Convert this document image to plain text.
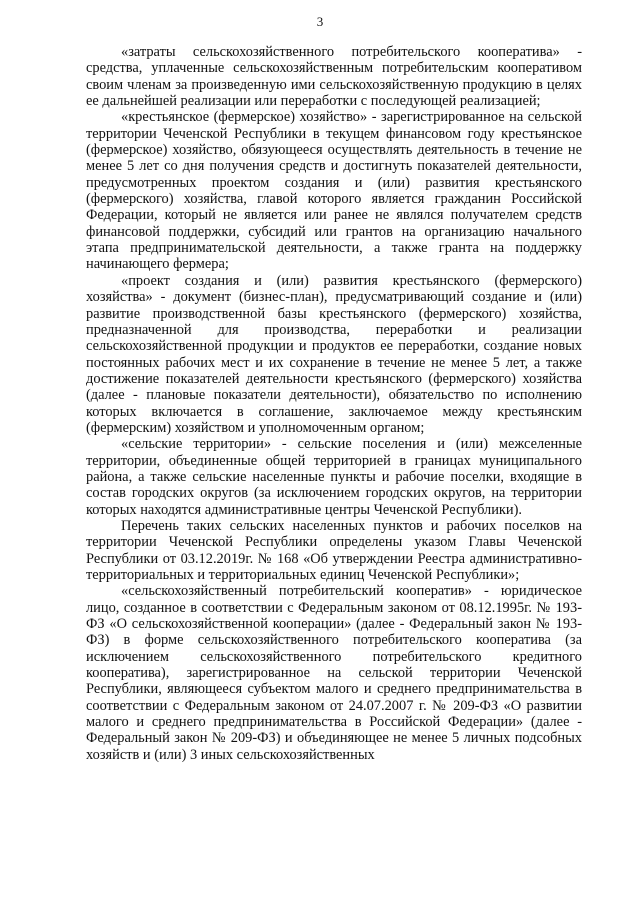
3

«затраты сельскохозяйственного потребительского кооператива» - средства, уплаченные сельскохозяйственным потребительским кооперативом своим членам за произведенную ими сельскохозяйственную продукцию в целях ее дальнейшей реализации или переработки с последующей реализацией;

«крестьянское (фермерское) хозяйство» - зарегистрированное на сельской территории Чеченской Республики в текущем финансовом году крестьянское (фермерское) хозяйство, обязующееся осуществлять деятельность в течение не менее 5 лет со дня получения средств и достигнуть показателей деятельности, предусмотренных проектом создания и (или) развития крестьянского (фермерского) хозяйства, главой которого является гражданин Российской Федерации, который не является или ранее не являлся получателем средств финансовой поддержки, субсидий или грантов на организацию начального этапа предпринимательской деятельности, а также гранта на поддержку начинающего фермера;

«проект создания и (или) развития крестьянского (фермерского) хозяйства» - документ (бизнес-план), предусматривающий создание и (или) развитие производственной базы крестьянского (фермерского) хозяйства, предназначенной для производства, переработки и реализации сельскохозяйственной продукции и продуктов ее переработки, создание новых постоянных рабочих мест и их сохранение в течение не менее 5 лет, а также достижение показателей деятельности крестьянского (фермерского) хозяйства (далее - плановые показатели деятельности), обязательство по исполнению которых включается в соглашение, заключаемое между крестьянским (фермерским) хозяйством и уполномоченным органом;

«сельские территории» - сельские поселения и (или) межселенные территории, объединенные общей территорией в границах муниципального района, а также сельские населенные пункты и рабочие поселки, входящие в состав городских округов (за исключением городских округов, на территории которых находятся административные центры Чеченской Республики).

Перечень таких сельских населенных пунктов и рабочих поселков на территории Чеченской Республики определены указом Главы Чеченской Республики от 03.12.2019г. № 168 «Об утверждении Реестра административно-территориальных и территориальных единиц Чеченской Республики»;

«сельскохозяйственный потребительский кооператив» - юридическое лицо, созданное в соответствии с Федеральным законом от 08.12.1995г. № 193-ФЗ «О сельскохозяйственной кооперации» (далее - Федеральный закон № 193-ФЗ) в форме сельскохозяйственного потребительского кооператива (за исключением сельскохозяйственного потребительского кредитного кооператива), зарегистрированное на сельской территории Чеченской Республики, являющееся субъектом малого и среднего предпринимательства в соответствии с Федеральным законом от 24.07.2007 г. № 209-ФЗ «О развитии малого и среднего предпринимательства в Российской Федерации» (далее - Федеральный закон № 209-ФЗ) и объединяющее не менее 5 личных подсобных хозяйств и (или) 3 иных сельскохозяйственных
